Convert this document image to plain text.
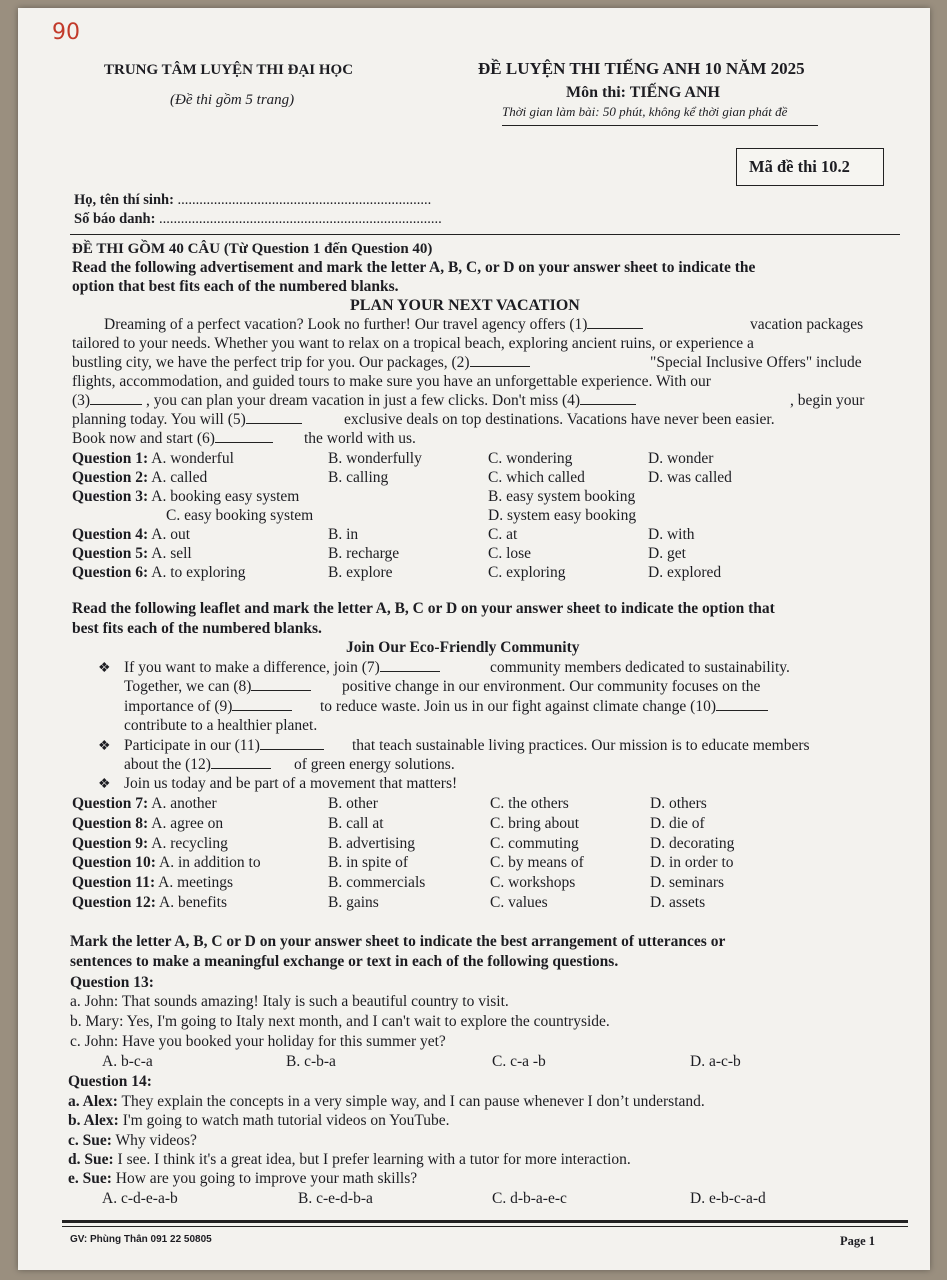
90
TRUNG TÂM LUYỆN THI ĐẠI HỌC
(Đề thi gồm 5 trang)
ĐỀ LUYỆN THI TIẾNG ANH 10 NĂM 2025
Môn thi: TIẾNG ANH
Thời gian làm bài: 50 phút, không kể thời gian phát đề
Mã đề thi 10.2
Họ, tên thí sinh: ......................................................................
Số báo danh: ..............................................................................
ĐỀ THI GỒM 40 CÂU (Từ Question 1 đến Question 40)
Read the following advertisement and mark the letter A, B, C, or D on your answer sheet to indicate the
option that best fits each of the numbered blanks.
PLAN YOUR NEXT VACATION
Dreaming of a perfect vacation? Look no further! Our travel agency offers (1)	vacation packages
tailored to your needs. Whether you want to relax on a tropical beach, exploring ancient ruins, or experience a
bustling city, we have the perfect trip for you. Our packages, (2)	"Special Inclusive Offers" include
flights, accommodation, and guided tours to make sure you have an unforgettable experience. With our
(3)	, you can plan your dream vacation in just a few clicks. Don't miss (4)	, begin your
planning today. You will (5)	exclusive deals on top destinations. Vacations have never been easier.
Book now and start (6)	the world with us.
Question 1: A. wonderful	B. wonderfully	C. wondering	D. wonder
Question 2: A. called	B. calling	C. which called	D. was called
Question 3: A. booking easy system	B. easy system booking
C. easy booking system	D. system easy booking
Question 4: A. out	B. in	C. at	D. with
Question 5: A. sell	B. recharge	C. lose	D. get
Question 6: A. to exploring	B. explore	C. exploring	D. explored
Read the following leaflet and mark the letter A, B, C or D on your answer sheet to indicate the option that
best fits each of the numbered blanks.
Join Our Eco-Friendly Community
❖ If you want to make a difference, join (7)	community members dedicated to sustainability.
Together, we can (8)	positive change in our environment. Our community focuses on the
importance of (9)	to reduce waste. Join us in our fight against climate change (10)
contribute to a healthier planet.
❖ Participate in our (11)	that teach sustainable living practices. Our mission is to educate members
about the (12)	of green energy solutions.
❖ Join us today and be part of a movement that matters!
Question 7: A. another	B. other	C. the others	D. others
Question 8: A. agree on	B. call at	C. bring about	D. die of
Question 9: A. recycling	B. advertising	C. commuting	D. decorating
Question 10: A. in addition to	B. in spite of	C. by means of	D. in order to
Question 11: A. meetings	B. commercials	C. workshops	D. seminars
Question 12: A. benefits	B. gains	C. values	D. assets
Mark the letter A, B, C or D on your answer sheet to indicate the best arrangement of utterances or
sentences to make a meaningful exchange or text in each of the following questions.
Question 13:
a. John: That sounds amazing! Italy is such a beautiful country to visit.
b. Mary: Yes, I'm going to Italy next month, and I can't wait to explore the countryside.
c. John: Have you booked your holiday for this summer yet?
A. b-c-a	B. c-b-a	C. c-a -b	D. a-c-b
Question 14:
a. Alex: They explain the concepts in a very simple way, and I can pause whenever I don’t understand.
b. Alex: I'm going to watch math tutorial videos on YouTube.
c. Sue: Why videos?
d. Sue: I see. I think it's a great idea, but I prefer learning with a tutor for more interaction.
e. Sue: How are you going to improve your math skills?
A. c-d-e-a-b	B. c-e-d-b-a	C. d-b-a-e-c	D. e-b-c-a-d
GV: Phùng Thân 091 22 50805	Page 1
